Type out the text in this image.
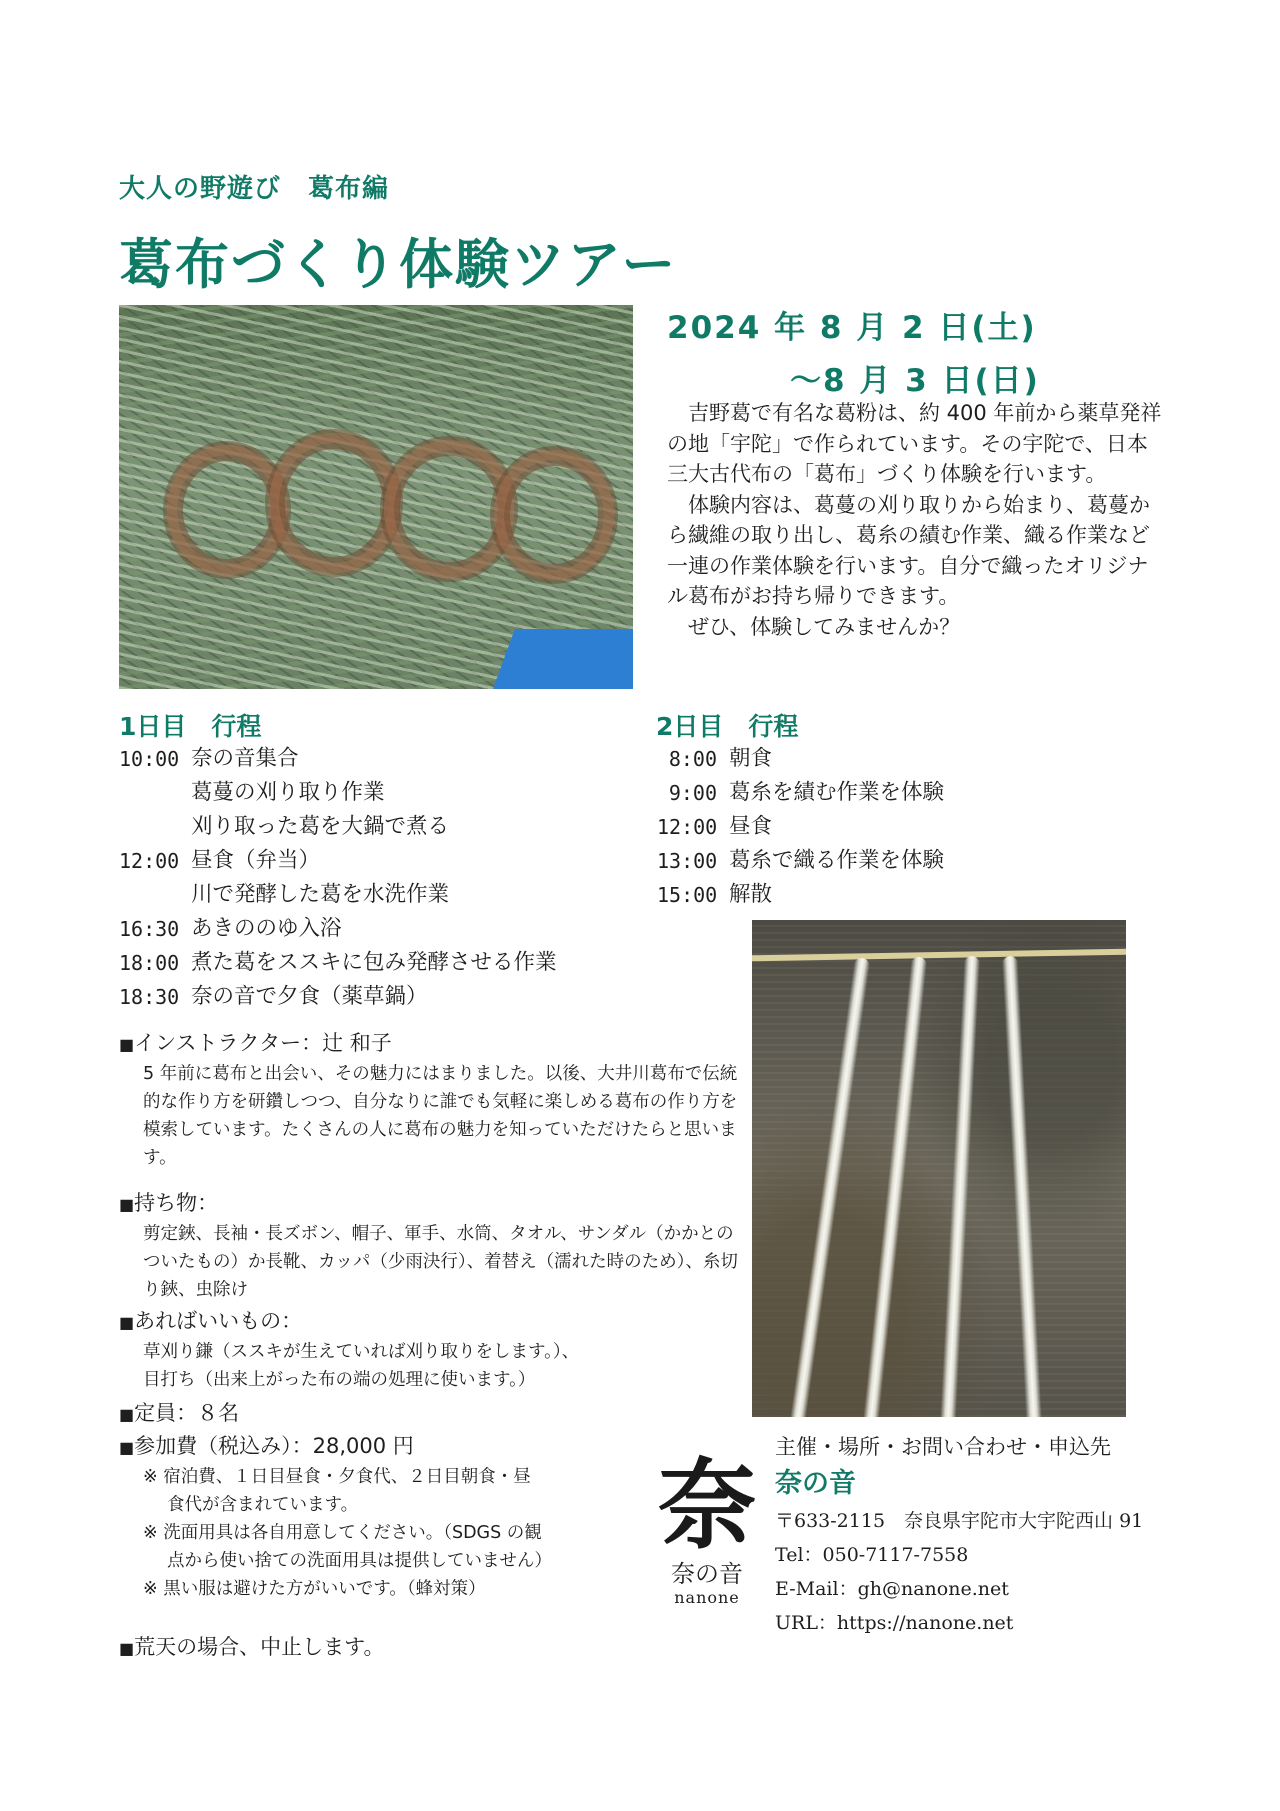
大人の野遊び　葛布編
葛布づくり体験ツアー
2024 年 8 月 2 日(土)
～8 月 3 日(日)

吉野葛で有名な葛粉は、約 400 年前から薬草発祥の地「宇陀」で作られています。その宇陀で、日本三大古代布の「葛布」づくり体験を行います。

体験内容は、葛蔓の刈り取りから始まり、葛蔓から繊維の取り出し、葛糸の績む作業、織る作業など一連の作業体験を行います。自分で織ったオリジナル葛布がお持ち帰りできます。

ぜひ、体験してみませんか？

1日目　行程
10:00 奈の音集合
葛蔓の刈り取り作業
刈り取った葛を大鍋で煮る
12:00 昼食（弁当）
川で発酵した葛を水洗作業
16:30 あきののゆ入浴
18:00 煮た葛をススキに包み発酵させる作業
18:30 奈の音で夕食（薬草鍋）
2日目　行程
8:00 朝食
9:00 葛糸を績む作業を体験
12:00 昼食
13:00 葛糸で織る作業を体験
15:00 解散
■インストラクター：辻 和子
5 年前に葛布と出会い、その魅力にはまりました。以後、大井川葛布で伝統的な作り方を研鑽しつつ、自分なりに誰でも気軽に楽しめる葛布の作り方を模索しています。たくさんの人に葛布の魅力を知っていただけたらと思います。
■持ち物：
剪定鋏、長袖・長ズボン、帽子、軍手、水筒、タオル、サンダル（かかとのついたもの）か長靴、カッパ（少雨決行）、着替え（濡れた時のため）、糸切り鋏、虫除け
■あればいいもの：
草刈り鎌（ススキが生えていれば刈り取りをします。）、
目打ち（出来上がった布の端の処理に使います。）
■定員：８名
■参加費（税込み）：28,000 円
※ 宿泊費、１日目昼食・夕食代、２日目朝食・昼
食代が含まれています。
※ 洗面用具は各自用意してください。（SDGS の観
点から使い捨ての洗面用具は提供していません）
※ 黒い服は避けた方がいいです。（蜂対策）
■荒天の場合、中止します。
奈
奈の音
nanone
主催・場所・お問い合わせ・申込先
奈の音
〒633-2115　奈良県宇陀市大宇陀西山 91
Tel：050-7117-7558
E-Mail：gh@nanone.net
URL：https://nanone.net
